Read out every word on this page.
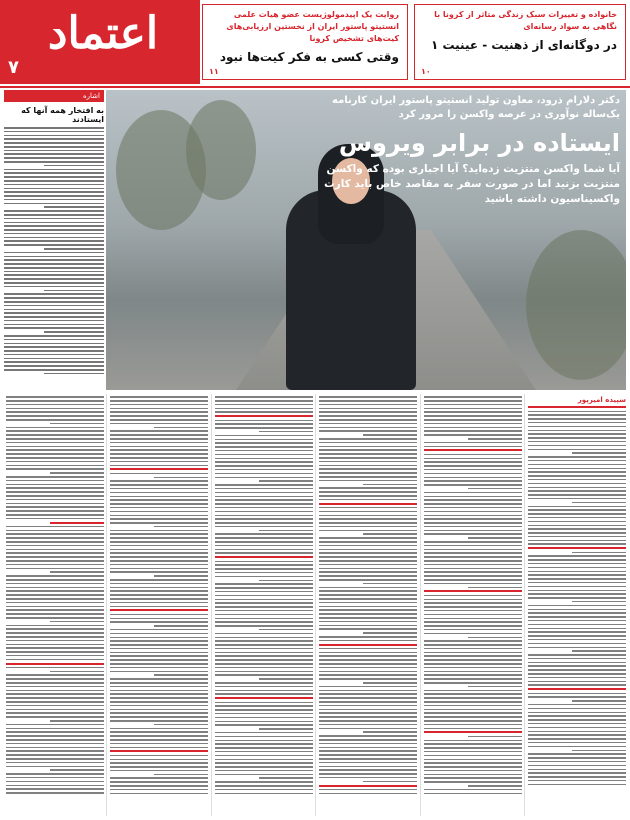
اعتماد
۷
روایت یک اپیدمولوژیست عضو هیات علمی انستیتو پاستور ایران از نخستین ارزیابی‌های کیت‌های تشخیص کرونا
وقتی کسی به فکر کیت‌ها نبود
۱۱
خانواده و تغییرات سبک زندگی متاثر از کرونا با نگاهی به سواد رسانه‌ای
در دوگانه‌ای از ذهنیت - عینیت ۱
۱۰
اشاره
به افتخار همه آنها که ایستادند
دکتر دلارام ذرود، معاون تولید انستیتو پاستور ایران کارنامه یک‌ساله نوآوری در عرصه واکسن را مرور کرد
ایستاده در برابر ویروس
آیا شما واکسن منتزیت زده‌اید؟ آیا اجباری بوده که واکسن منتزیت بزنید اما در صورت سفر به مقاصد خاص باید کارت واکسیناسیون داشته باشید
سپیده امیرپور
